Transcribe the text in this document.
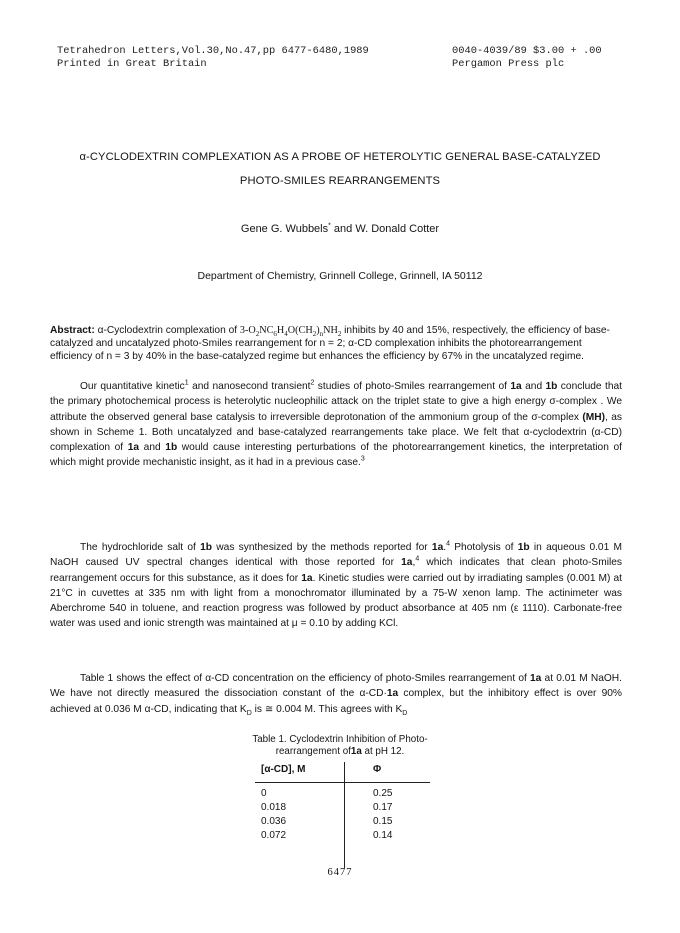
Tetrahedron Letters,Vol.30,No.47,pp 6477-6480,1989
Printed in Great Britain
0040-4039/89 $3.00 + .00
Pergamon Press plc
α-CYCLODEXTRIN COMPLEXATION AS A PROBE OF HETEROLYTIC GENERAL BASE-CATALYZED
PHOTO-SMILES REARRANGEMENTS
Gene G. Wubbels* and W. Donald Cotter
Department of Chemistry, Grinnell College, Grinnell, IA 50112
Abstract: α-Cyclodextrin complexation of $3-O_2NC_6H_4O(CH_2)_nNH_2$ inhibits by 40 and 15%, respectively, the efficiency of base-catalyzed and uncatalyzed photo-Smiles rearrangement for n = 2; α-CD complexation inhibits the photorearrangement efficiency of n = 3 by 40% in the base-catalyzed regime but enhances the efficiency by 67% in the uncatalyzed regime.

Our quantitative kinetic$^1$ and nanosecond transient$^2$ studies of photo-Smiles rearrangement of 1a and 1b conclude that the primary photochemical process is heterolytic nucleophilic attack on the triplet state to give a high energy σ-complex . We attribute the observed general base catalysis to irreversible deprotonation of the ammonium group of the σ-complex (MH), as shown in Scheme 1. Both uncatalyzed and base-catalyzed rearrangements take place. We felt that α-cyclodextrin (α-CD) complexation of 1a and 1b would cause interesting perturbations of the photorearrangement kinetics, the interpretation of which might provide mechanistic insight, as it had in a previous case.$^3$

The hydrochloride salt of 1b was synthesized by the methods reported for 1a.$^4$ Photolysis of 1b in aqueous 0.01 M NaOH caused UV spectral changes identical with those reported for 1a,$^4$ which indicates that clean photo-Smiles rearrangement occurs for this substance, as it does for 1a. Kinetic studies were carried out by irradiating samples (0.001 M) at 21°C in cuvettes at 335 nm with light from a monochromator illuminated by a 75-W xenon lamp. The actinimeter was Aberchrome 540 in toluene, and reaction progress was followed by product absorbance at 405 nm (ε 1110). Carbonate-free water was used and ionic strength was maintained at μ = 0.10 by adding KCl.

Table 1 shows the effect of α-CD concentration on the efficiency of photo-Smiles rearrangement of 1a at 0.01 M NaOH. We have not directly measured the dissociation constant of the α-CD·1a complex, but the inhibitory effect is over 90% achieved at 0.036 M α-CD, indicating that $K_D$ is ≅ 0.004 M. This agrees with $K_D$

Table 1. Cyclodextrin Inhibition of Photo-
rearrangement of1a at pH 12.
[α-CD], M	Φ
0	0.25
0.018	0.17
0.036	0.15
0.072	0.14
6477
